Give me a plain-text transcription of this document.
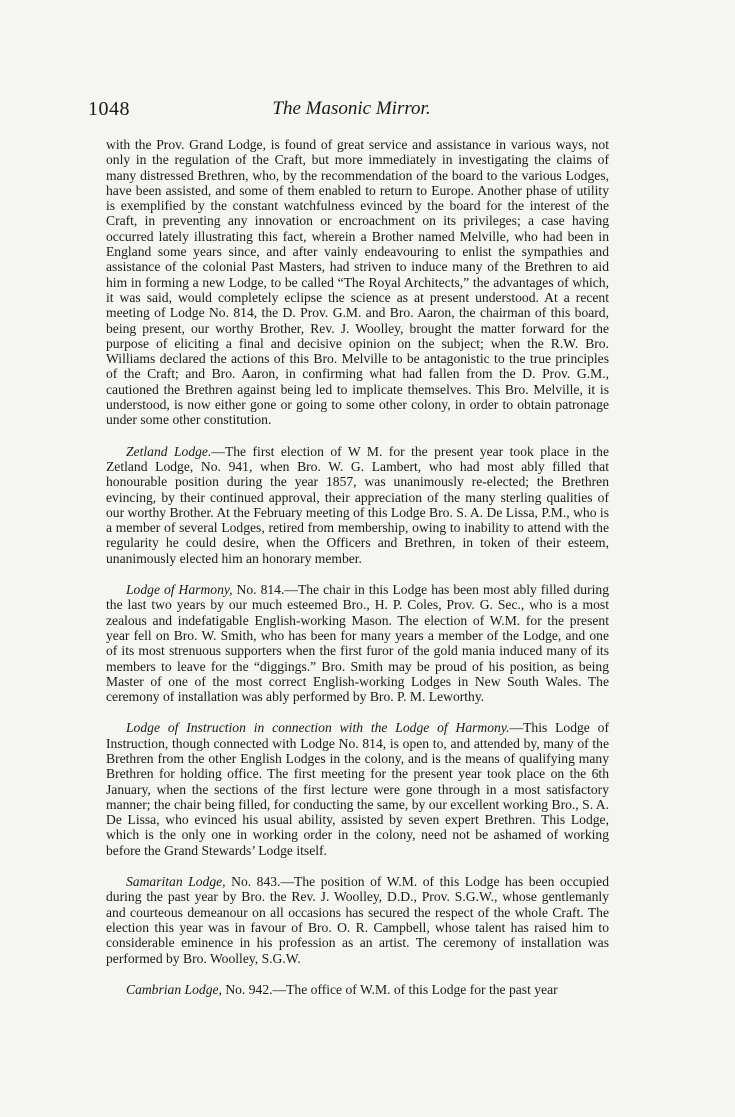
1048	The Masonic Mirror.

with the Prov. Grand Lodge, is found of great service and assistance in various ways, not only in the regulation of the Craft, but more immediately in investigating the claims of many distressed Brethren, who, by the recommendation of the board to the various Lodges, have been assisted, and some of them enabled to return to Europe. Another phase of utility is exemplified by the constant watchfulness evinced by the board for the interest of the Craft, in preventing any innovation or encroachment on its privileges; a case having occurred lately illustrating this fact, wherein a Brother named Melville, who had been in England some years since, and after vainly endeavouring to enlist the sympathies and assistance of the colonial Past Masters, had striven to induce many of the Brethren to aid him in forming a new Lodge, to be called “The Royal Architects,” the advantages of which, it was said, would completely eclipse the science as at present understood. At a recent meeting of Lodge No. 814, the D. Prov. G.M. and Bro. Aaron, the chairman of this board, being present, our worthy Brother, Rev. J. Woolley, brought the matter forward for the purpose of eliciting a final and decisive opinion on the subject; when the R.W. Bro. Williams declared the actions of this Bro. Melville to be antagonistic to the true principles of the Craft; and Bro. Aaron, in confirming what had fallen from the D. Prov. G.M., cautioned the Brethren against being led to implicate themselves. This Bro. Melville, it is understood, is now either gone or going to some other colony, in order to obtain patronage under some other constitution.

Zetland Lodge.—The first election of W M. for the present year took place in the Zetland Lodge, No. 941, when Bro. W. G. Lambert, who had most ably filled that honourable position during the year 1857, was unanimously re-elected; the Brethren evincing, by their continued approval, their appreciation of the many sterling qualities of our worthy Brother. At the February meeting of this Lodge Bro. S. A. De Lissa, P.M., who is a member of several Lodges, retired from membership, owing to inability to attend with the regularity he could desire, when the Officers and Brethren, in token of their esteem, unanimously elected him an honorary member.

Lodge of Harmony, No. 814.—The chair in this Lodge has been most ably filled during the last two years by our much esteemed Bro., H. P. Coles, Prov. G. Sec., who is a most zealous and indefatigable English-working Mason. The election of W.M. for the present year fell on Bro. W. Smith, who has been for many years a member of the Lodge, and one of its most strenuous supporters when the first furor of the gold mania induced many of its members to leave for the “diggings.” Bro. Smith may be proud of his position, as being Master of one of the most correct English-working Lodges in New South Wales. The ceremony of installation was ably performed by Bro. P. M. Leworthy.

Lodge of Instruction in connection with the Lodge of Harmony.—This Lodge of Instruction, though connected with Lodge No. 814, is open to, and attended by, many of the Brethren from the other English Lodges in the colony, and is the means of qualifying many Brethren for holding office. The first meeting for the present year took place on the 6th January, when the sections of the first lecture were gone through in a most satisfactory manner; the chair being filled, for conducting the same, by our excellent working Bro., S. A. De Lissa, who evinced his usual ability, assisted by seven expert Brethren. This Lodge, which is the only one in working order in the colony, need not be ashamed of working before the Grand Stewards’ Lodge itself.

Samaritan Lodge, No. 843.—The position of W.M. of this Lodge has been occupied during the past year by Bro. the Rev. J. Woolley, D.D., Prov. S.G.W., whose gentlemanly and courteous demeanour on all occasions has secured the respect of the whole Craft. The election this year was in favour of Bro. O. R. Campbell, whose talent has raised him to considerable eminence in his profession as an artist. The ceremony of installation was performed by Bro. Woolley, S.G.W.

Cambrian Lodge, No. 942.—The office of W.M. of this Lodge for the past year
